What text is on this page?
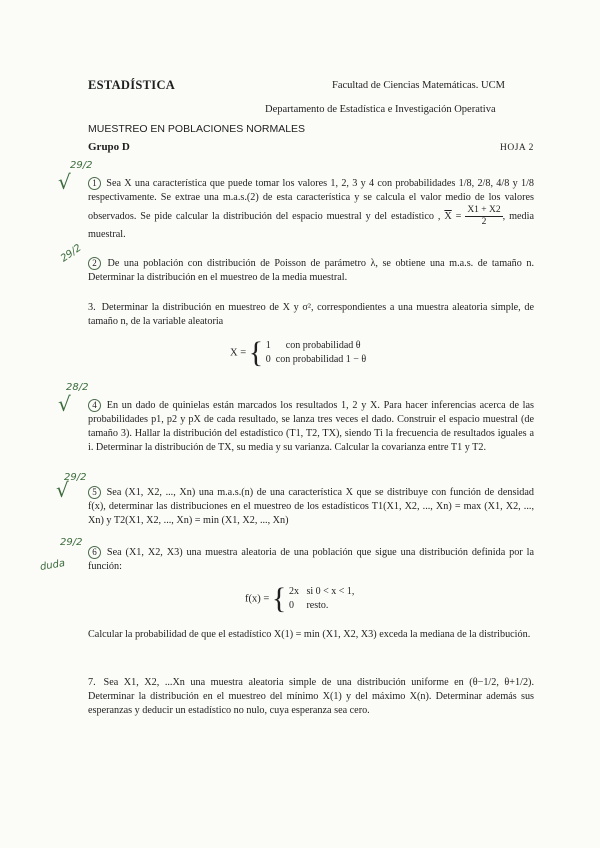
ESTADÍSTICA	Facultad de Ciencias Matemáticas. UCM
Departamento de Estadística e Investigación Operativa
MUESTREO EN POBLACIONES NORMALES
Grupo D	HOJA 2
1 Sea X una característica que puede tomar los valores 1, 2, 3 y 4 con probabilidades 1/8, 2/8, 4/8 y 1/8 respectivamente. Se extrae una m.a.s.(2) de esta característica y se calcula el valor medio de los valores observados. Se pide calcular la distribución del espacio muestral y del estadístico , $\overline{X} = \frac{X1 + X2}{2}$ , media muestral.
2 De una población con distribución de Poisson de parámetro λ, se obtiene una m.a.s. de tamaño n. Determinar la distribución en el muestreo de la media muestral.
3. Determinar la distribución en muestreo de X y σ², correspondientes a una muestra aleatoria simple, de tamaño n, de la variable aleatoria
X = { 1 con probabilidad θ
0 con probabilidad 1 − θ
4 En un dado de quinielas están marcados los resultados 1, 2 y X. Para hacer inferencias acerca de las probabilidades p1, p2 y pX de cada resultado, se lanza tres veces el dado. Construir el espacio muestral (de tamaño 3). Hallar la distribución del estadístico (T1, T2, TX), siendo Ti la frecuencia de resultados iguales a i. Determinar la distribución de TX, su media y su varianza. Calcular la covarianza entre T1 y T2.
5 Sea (X1, X2, ..., Xn) una m.a.s.(n) de una característica X que se distribuye con función de densidad f(x), determinar las distribuciones en el muestreo de los estadísticos T1(X1, X2, ..., Xn) = max (X1, X2, ..., Xn) y T2(X1, X2, ..., Xn) = min (X1, X2, ..., Xn)
6 Sea (X1, X2, X3) una muestra aleatoria de una población que sigue una distribución definida por la función:
f(x) = { 2x si 0 < x < 1,
0 resto.
Calcular la probabilidad de que el estadístico X(1) = min (X1, X2, X3) exceda la mediana de la distribución.
7. Sea X1, X2, ...Xn una muestra aleatoria simple de una distribución uniforme en (θ−1/2, θ+1/2). Determinar la distribución en el muestreo del mínimo X(1) y del máximo X(n). Determinar además sus esperanzas y deducir un estadístico no nulo, cuya esperanza sea cero.
√
29/2
29/2
√
28/2
√
29/2
29/2
duda
